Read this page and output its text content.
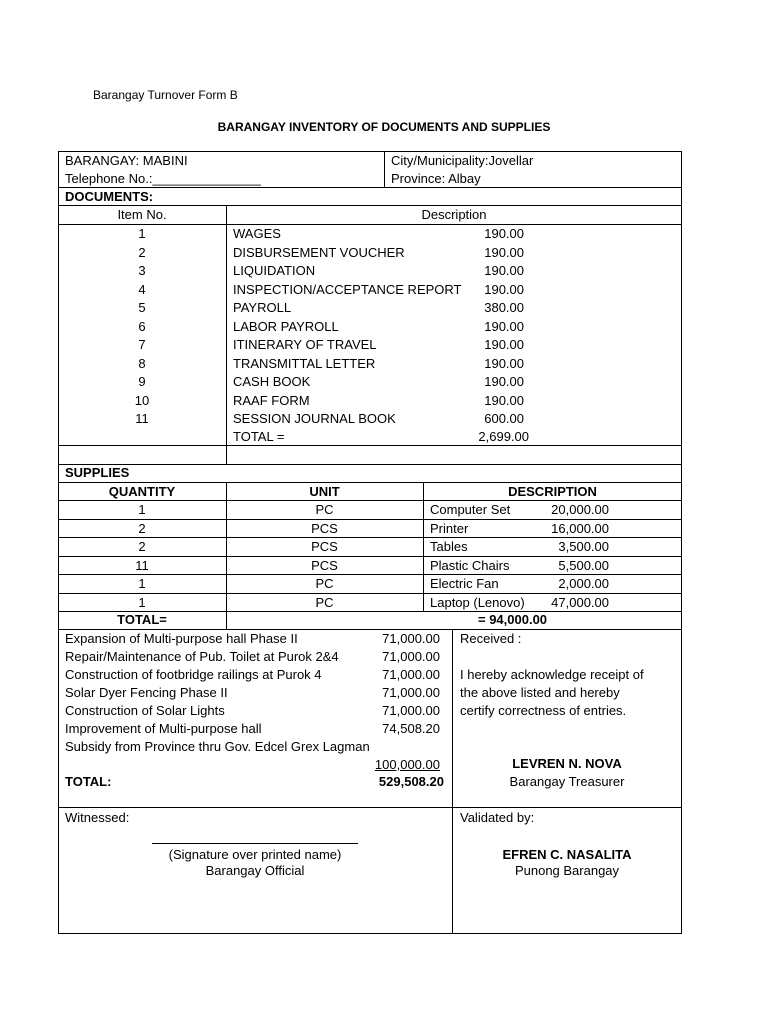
Barangay Turnover Form B
BARANGAY INVENTORY OF DOCUMENTS AND SUPPLIES
BARANGAY: MABINI
Telephone No.:_______________
City/Municipality:Jovellar
Province: Albay
DOCUMENTS:
Item No.	Description
1	WAGES	190.00
2	DISBURSEMENT VOUCHER	190.00
3	LIQUIDATION	190.00
4	INSPECTION/ACCEPTANCE REPORT	190.00
5	PAYROLL	380.00
6	LABOR PAYROLL	190.00
7	ITINERARY OF TRAVEL	190.00
8	TRANSMITTAL LETTER	190.00
9	CASH BOOK	190.00
10	RAAF FORM	190.00
11	SESSION JOURNAL BOOK	600.00
TOTAL =	2,699.00
SUPPLIES
QUANTITY	UNIT	DESCRIPTION
1	PC	Computer Set	20,000.00
2	PCS	Printer	16,000.00
2	PCS	Tables	3,500.00
11	PCS	Plastic Chairs	5,500.00
1	PC	Electric Fan	2,000.00
1	PC	Laptop (Lenovo)	47,000.00
TOTAL=	= 94,000.00
Expansion of Multi-purpose hall Phase II	71,000.00
Repair/Maintenance of Pub. Toilet at Purok 2&4	71,000.00
Construction of footbridge railings at Purok 4	71,000.00
Solar Dyer Fencing Phase II	71,000.00
Construction of Solar Lights	71,000.00
Improvement of Multi-purpose hall	74,508.20
Subsidy from Province thru Gov. Edcel Grex Lagman
100,000.00
TOTAL:	529,508.20
Received :
I hereby acknowledge receipt of
the above listed and hereby
certify correctness of entries.
LEVREN N. NOVA
Barangay Treasurer
Witnessed:
(Signature over printed name)
Barangay Official
Validated by:
EFREN C. NASALITA
Punong Barangay
